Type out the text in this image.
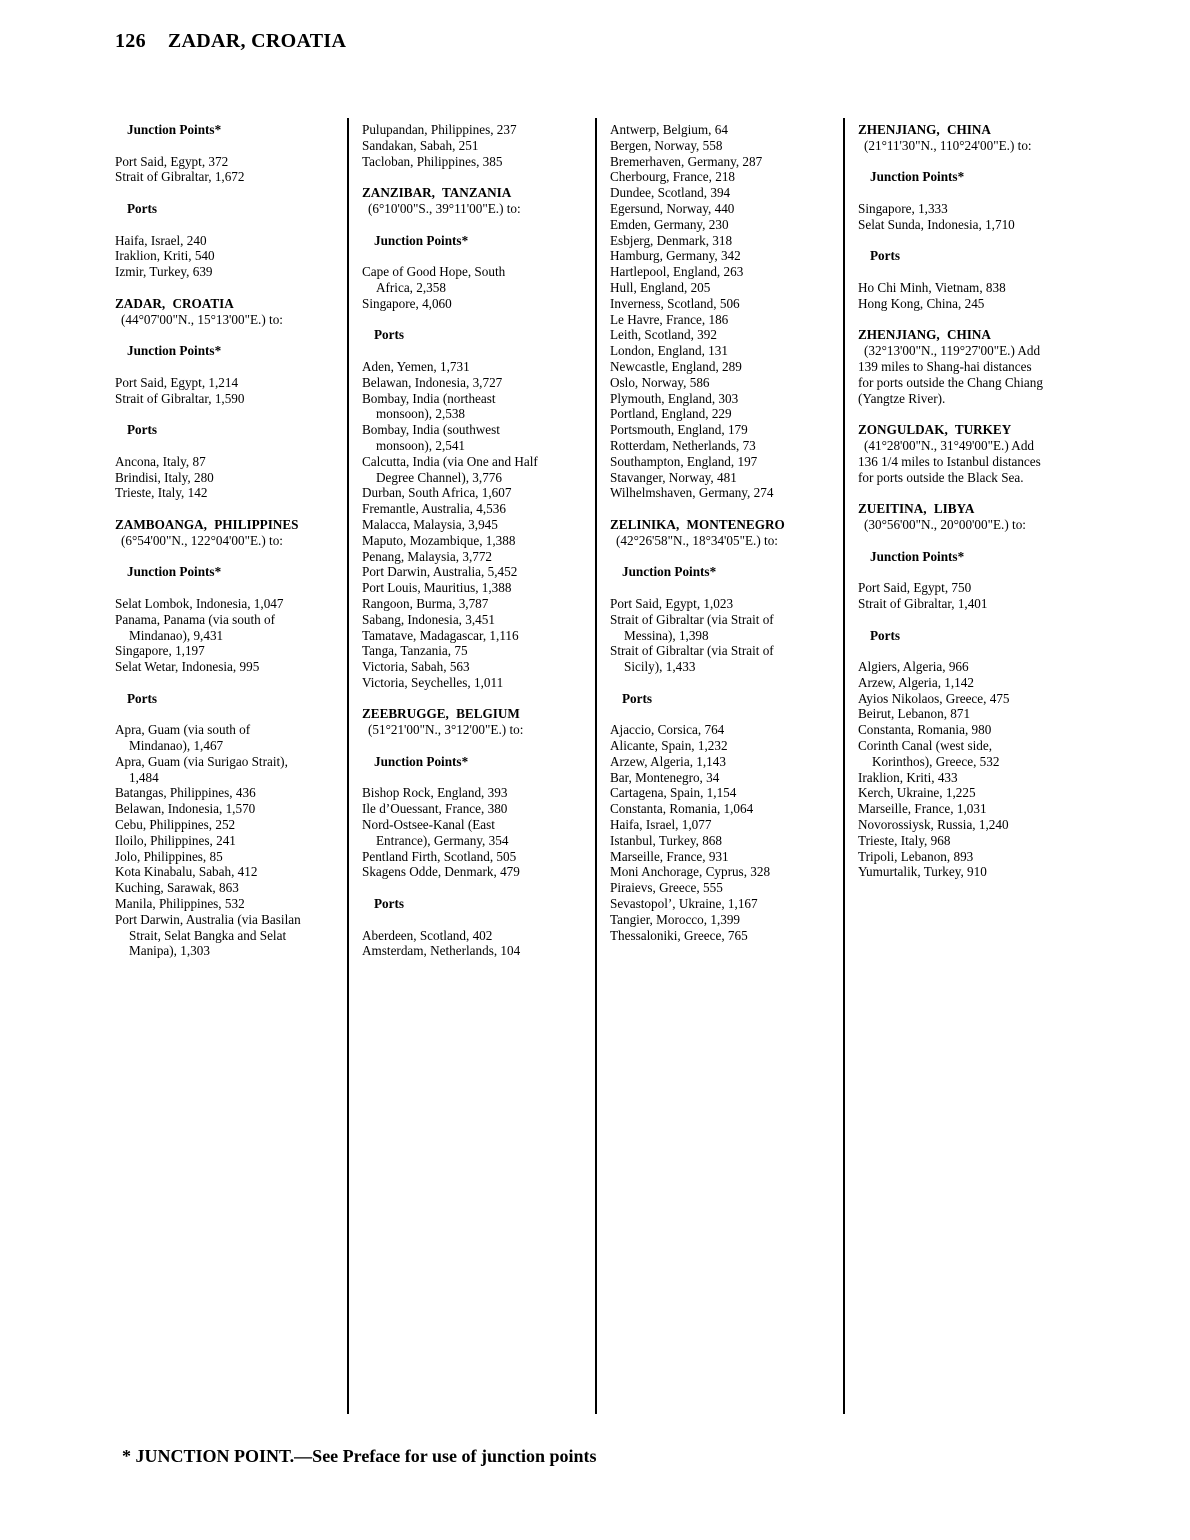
126 ZADAR, CROATIA
Junction Points*
Port Said, Egypt, 372
Strait of Gibraltar, 1,672
Ports
Haifa, Israel, 240
Iraklion, Kriti, 540
Izmir, Turkey, 639
ZADAR, CROATIA
(44°07'00"N., 15°13'00"E.) to:
Junction Points*
Port Said, Egypt, 1,214
Strait of Gibraltar, 1,590
Ports
Ancona, Italy, 87
Brindisi, Italy, 280
Trieste, Italy, 142
ZAMBOANGA, PHILIPPINES
(6°54'00"N., 122°04'00"E.) to:
Junction Points*
Selat Lombok, Indonesia, 1,047
Panama, Panama (via south of
Mindanao), 9,431
Singapore, 1,197
Selat Wetar, Indonesia, 995
Ports
Apra, Guam (via south of
Mindanao), 1,467
Apra, Guam (via Surigao Strait),
1,484
Batangas, Philippines, 436
Belawan, Indonesia, 1,570
Cebu, Philippines, 252
Iloilo, Philippines, 241
Jolo, Philippines, 85
Kota Kinabalu, Sabah, 412
Kuching, Sarawak, 863
Manila, Philippines, 532
Port Darwin, Australia (via Basilan
Strait, Selat Bangka and Selat
Manipa), 1,303
Pulupandan, Philippines, 237
Sandakan, Sabah, 251
Tacloban, Philippines, 385
ZANZIBAR, TANZANIA
(6°10'00"S., 39°11'00"E.) to:
Junction Points*
Cape of Good Hope, South
Africa, 2,358
Singapore, 4,060
Ports
Aden, Yemen, 1,731
Belawan, Indonesia, 3,727
Bombay, India (northeast
monsoon), 2,538
Bombay, India (southwest
monsoon), 2,541
Calcutta, India (via One and Half
Degree Channel), 3,776
Durban, South Africa, 1,607
Fremantle, Australia, 4,536
Malacca, Malaysia, 3,945
Maputo, Mozambique, 1,388
Penang, Malaysia, 3,772
Port Darwin, Australia, 5,452
Port Louis, Mauritius, 1,388
Rangoon, Burma, 3,787
Sabang, Indonesia, 3,451
Tamatave, Madagascar, 1,116
Tanga, Tanzania, 75
Victoria, Sabah, 563
Victoria, Seychelles, 1,011
ZEEBRUGGE, BELGIUM
(51°21'00"N., 3°12'00"E.) to:
Junction Points*
Bishop Rock, England, 393
Ile d’Ouessant, France, 380
Nord-Ostsee-Kanal (East
Entrance), Germany, 354
Pentland Firth, Scotland, 505
Skagens Odde, Denmark, 479
Ports
Aberdeen, Scotland, 402
Amsterdam, Netherlands, 104
Antwerp, Belgium, 64
Bergen, Norway, 558
Bremerhaven, Germany, 287
Cherbourg, France, 218
Dundee, Scotland, 394
Egersund, Norway, 440
Emden, Germany, 230
Esbjerg, Denmark, 318
Hamburg, Germany, 342
Hartlepool, England, 263
Hull, England, 205
Inverness, Scotland, 506
Le Havre, France, 186
Leith, Scotland, 392
London, England, 131
Newcastle, England, 289
Oslo, Norway, 586
Plymouth, England, 303
Portland, England, 229
Portsmouth, England, 179
Rotterdam, Netherlands, 73
Southampton, England, 197
Stavanger, Norway, 481
Wilhelmshaven, Germany, 274
ZELINIKA, MONTENEGRO
(42°26'58"N., 18°34'05"E.) to:
Junction Points*
Port Said, Egypt, 1,023
Strait of Gibraltar (via Strait of
Messina), 1,398
Strait of Gibraltar (via Strait of
Sicily), 1,433
Ports
Ajaccio, Corsica, 764
Alicante, Spain, 1,232
Arzew, Algeria, 1,143
Bar, Montenegro, 34
Cartagena, Spain, 1,154
Constanta, Romania, 1,064
Haifa, Israel, 1,077
Istanbul, Turkey, 868
Marseille, France, 931
Moni Anchorage, Cyprus, 328
Piraievs, Greece, 555
Sevastopol’, Ukraine, 1,167
Tangier, Morocco, 1,399
Thessaloniki, Greece, 765
ZHENJIANG, CHINA
(21°11'30"N., 110°24'00"E.) to:
Junction Points*
Singapore, 1,333
Selat Sunda, Indonesia, 1,710
Ports
Ho Chi Minh, Vietnam, 838
Hong Kong, China, 245
ZHENJIANG, CHINA
(32°13'00"N., 119°27'00"E.) Add
139 miles to Shang-hai distances
for ports outside the Chang Chiang
(Yangtze River).
ZONGULDAK, TURKEY
(41°28'00"N., 31°49'00"E.) Add
136 1/4 miles to Istanbul distances
for ports outside the Black Sea.
ZUEITINA, LIBYA
(30°56'00"N., 20°00'00"E.) to:
Junction Points*
Port Said, Egypt, 750
Strait of Gibraltar, 1,401
Ports
Algiers, Algeria, 966
Arzew, Algeria, 1,142
Ayios Nikolaos, Greece, 475
Beirut, Lebanon, 871
Constanta, Romania, 980
Corinth Canal (west side,
Korinthos), Greece, 532
Iraklion, Kriti, 433
Kerch, Ukraine, 1,225
Marseille, France, 1,031
Novorossiysk, Russia, 1,240
Trieste, Italy, 968
Tripoli, Lebanon, 893
Yumurtalik, Turkey, 910
* JUNCTION POINT.—See Preface for use of junction points
